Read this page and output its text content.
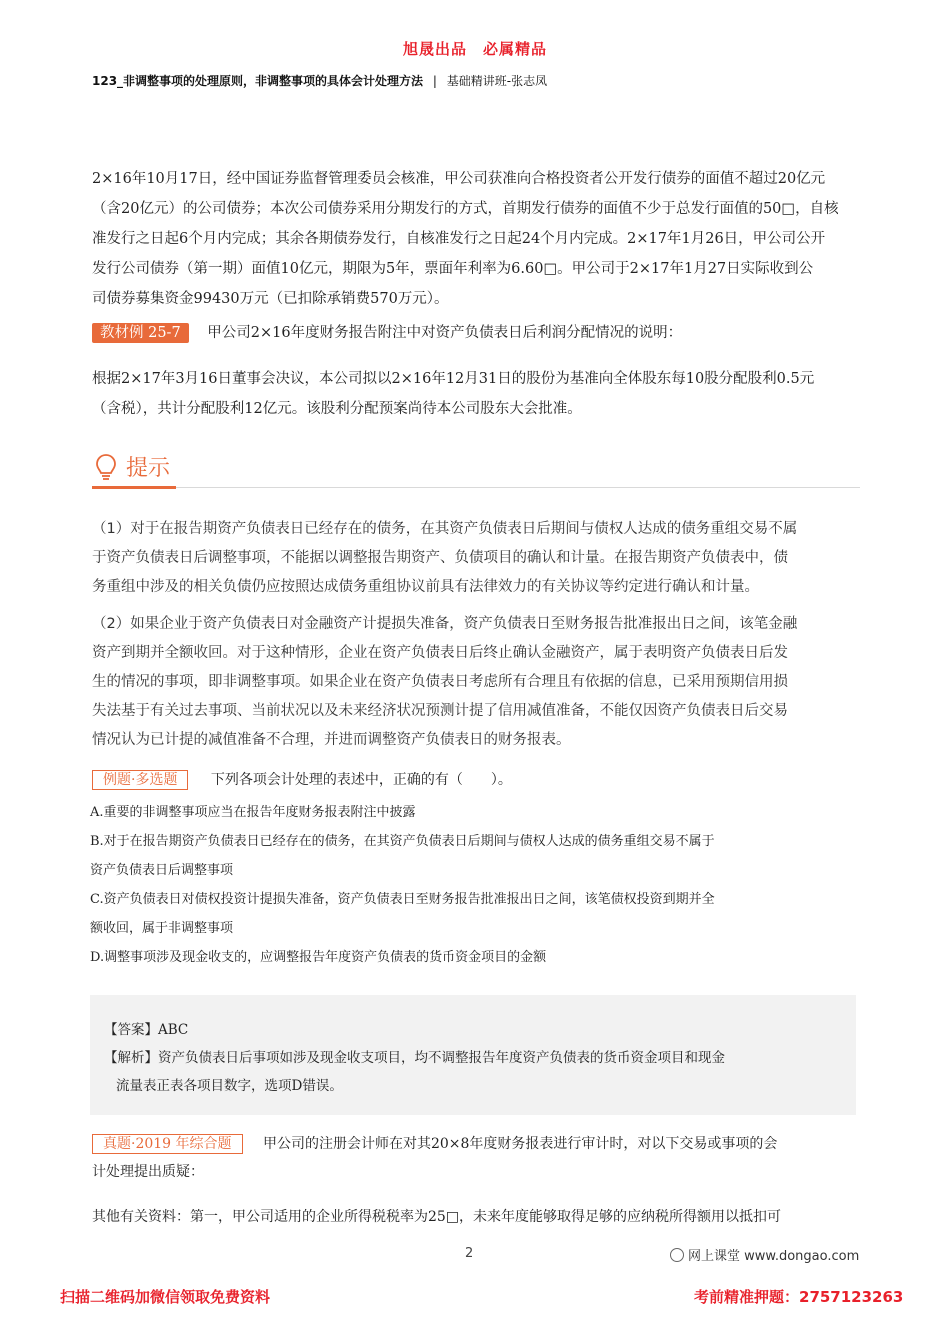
旭晟出品　必属精品
123_非调整事项的处理原则，非调整事项的具体会计处理方法 | 基础精讲班-张志凤
2×16年10月17日，经中国证券监督管理委员会核准，甲公司获准向合格投资者公开发行债券的面值不超过20亿元
（含20亿元）的公司债券；本次公司债券采用分期发行的方式，首期发行债券的面值不少于总发行面值的50□，自核
准发行之日起6个月内完成；其余各期债券发行，自核准发行之日起24个月内完成。2×17年1月26日，甲公司公开
发行公司债券（第一期）面值10亿元，期限为5年，票面年利率为6.60□。甲公司于2×17年1月27日实际收到公
司债券募集资金99430万元（已扣除承销费570万元）。
教材例 25-7 甲公司2×16年度财务报告附注中对资产负债表日后利润分配情况的说明：
根据2×17年3月16日董事会决议，本公司拟以2×16年12月31日的股份为基准向全体股东每10股分配股利0.5元
（含税），共计分配股利12亿元。该股利分配预案尚待本公司股东大会批准。
提示
（1）对于在报告期资产负债表日已经存在的债务，在其资产负债表日后期间与债权人达成的债务重组交易不属
于资产负债表日后调整事项，不能据以调整报告期资产、负债项目的确认和计量。在报告期资产负债表中，债
务重组中涉及的相关负债仍应按照达成债务重组协议前具有法律效力的有关协议等约定进行确认和计量。
（2）如果企业于资产负债表日对金融资产计提损失准备，资产负债表日至财务报告批准报出日之间，该笔金融
资产到期并全额收回。对于这种情形，企业在资产负债表日后终止确认金融资产，属于表明资产负债表日后发
生的情况的事项，即非调整事项。如果企业在资产负债表日考虑所有合理且有依据的信息，已采用预期信用损
失法基于有关过去事项、当前状况以及未来经济状况预测计提了信用减值准备，不能仅因资产负债表日后交易
情况认为已计提的减值准备不合理，并进而调整资产负债表日的财务报表。
例题·多选题 下列各项会计处理的表述中，正确的有（　　）。
A.重要的非调整事项应当在报告年度财务报表附注中披露
B.对于在报告期资产负债表日已经存在的债务，在其资产负债表日后期间与债权人达成的债务重组交易不属于
资产负债表日后调整事项
C.资产负债表日对债权投资计提损失准备，资产负债表日至财务报告批准报出日之间，该笔债权投资到期并全
额收回，属于非调整事项
D.调整事项涉及现金收支的，应调整报告年度资产负债表的货币资金项目的金额
【答案】ABC
【解析】资产负债表日后事项如涉及现金收支项目，均不调整报告年度资产负债表的货币资金项目和现金
流量表正表各项目数字，选项D错误。
真题·2019 年综合题 甲公司的注册会计师在对其20×8年度财务报表进行审计时，对以下交易或事项的会
计处理提出质疑：
其他有关资料：第一，甲公司适用的企业所得税税率为25□，未来年度能够取得足够的应纳税所得额用以抵扣可
2	网上课堂 www.dongao.com
扫描二维码加微信领取免费资料	考前精准押题：2757123263
